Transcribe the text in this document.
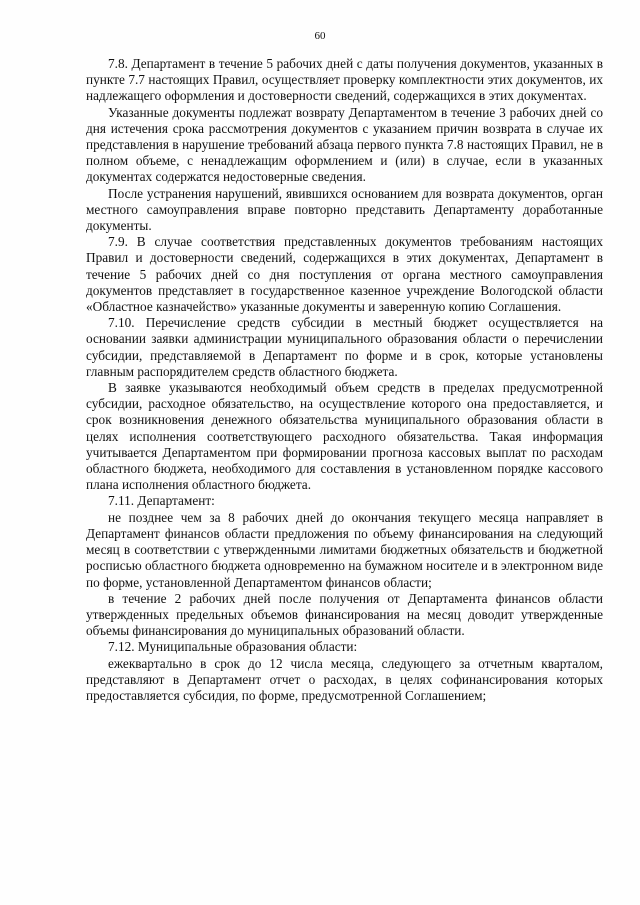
60

7.8. Департамент в течение 5 рабочих дней с даты получения документов, указанных в пункте 7.7 настоящих Правил, осуществляет проверку комплектности этих документов, их надлежащего оформления и достоверности сведений, содержащихся в этих документах.

Указанные документы подлежат возврату Департаментом в течение 3 рабочих дней со дня истечения срока рассмотрения документов с указанием причин возврата в случае их представления в нарушение требований абзаца первого пункта 7.8 настоящих Правил, не в полном объеме, с ненадлежащим оформлением и (или) в случае, если в указанных документах содержатся недостоверные сведения.

После устранения нарушений, явившихся основанием для возврата документов, орган местного самоуправления вправе повторно представить Департаменту доработанные документы.

7.9. В случае соответствия представленных документов требованиям настоящих Правил и достоверности сведений, содержащихся в этих документах, Департамент в течение 5 рабочих дней со дня поступления от органа местного самоуправления документов представляет в государственное казенное учреждение Вологодской области «Областное казначейство» указанные документы и заверенную копию Соглашения.

7.10. Перечисление средств субсидии в местный бюджет осуществляется на основании заявки администрации муниципального образования области о перечислении субсидии, представляемой в Департамент по форме и в срок, которые установлены главным распорядителем средств областного бюджета.

В заявке указываются необходимый объем средств в пределах предусмотренной субсидии, расходное обязательство, на осуществление которого она предоставляется, и срок возникновения денежного обязательства муниципального образования области в целях исполнения соответствующего расходного обязательства. Такая информация учитывается Департаментом при формировании прогноза кассовых выплат по расходам областного бюджета, необходимого для составления в установленном порядке кассового плана исполнения областного бюджета.

7.11. Департамент:

не позднее чем за 8 рабочих дней до окончания текущего месяца направляет в Департамент финансов области предложения по объему финансирования на следующий месяц в соответствии с утвержденными лимитами бюджетных обязательств и бюджетной росписью областного бюджета одновременно на бумажном носителе и в электронном виде по форме, установленной Департаментом финансов области;

в течение 2 рабочих дней после получения от Департамента финансов области утвержденных предельных объемов финансирования на месяц доводит утвержденные объемы финансирования до муниципальных образований области.

7.12. Муниципальные образования области:

ежеквартально в срок до 12 числа месяца, следующего за отчетным кварталом, представляют в Департамент отчет о расходах, в целях софинансирования которых предоставляется субсидия, по форме, предусмотренной Соглашением;
